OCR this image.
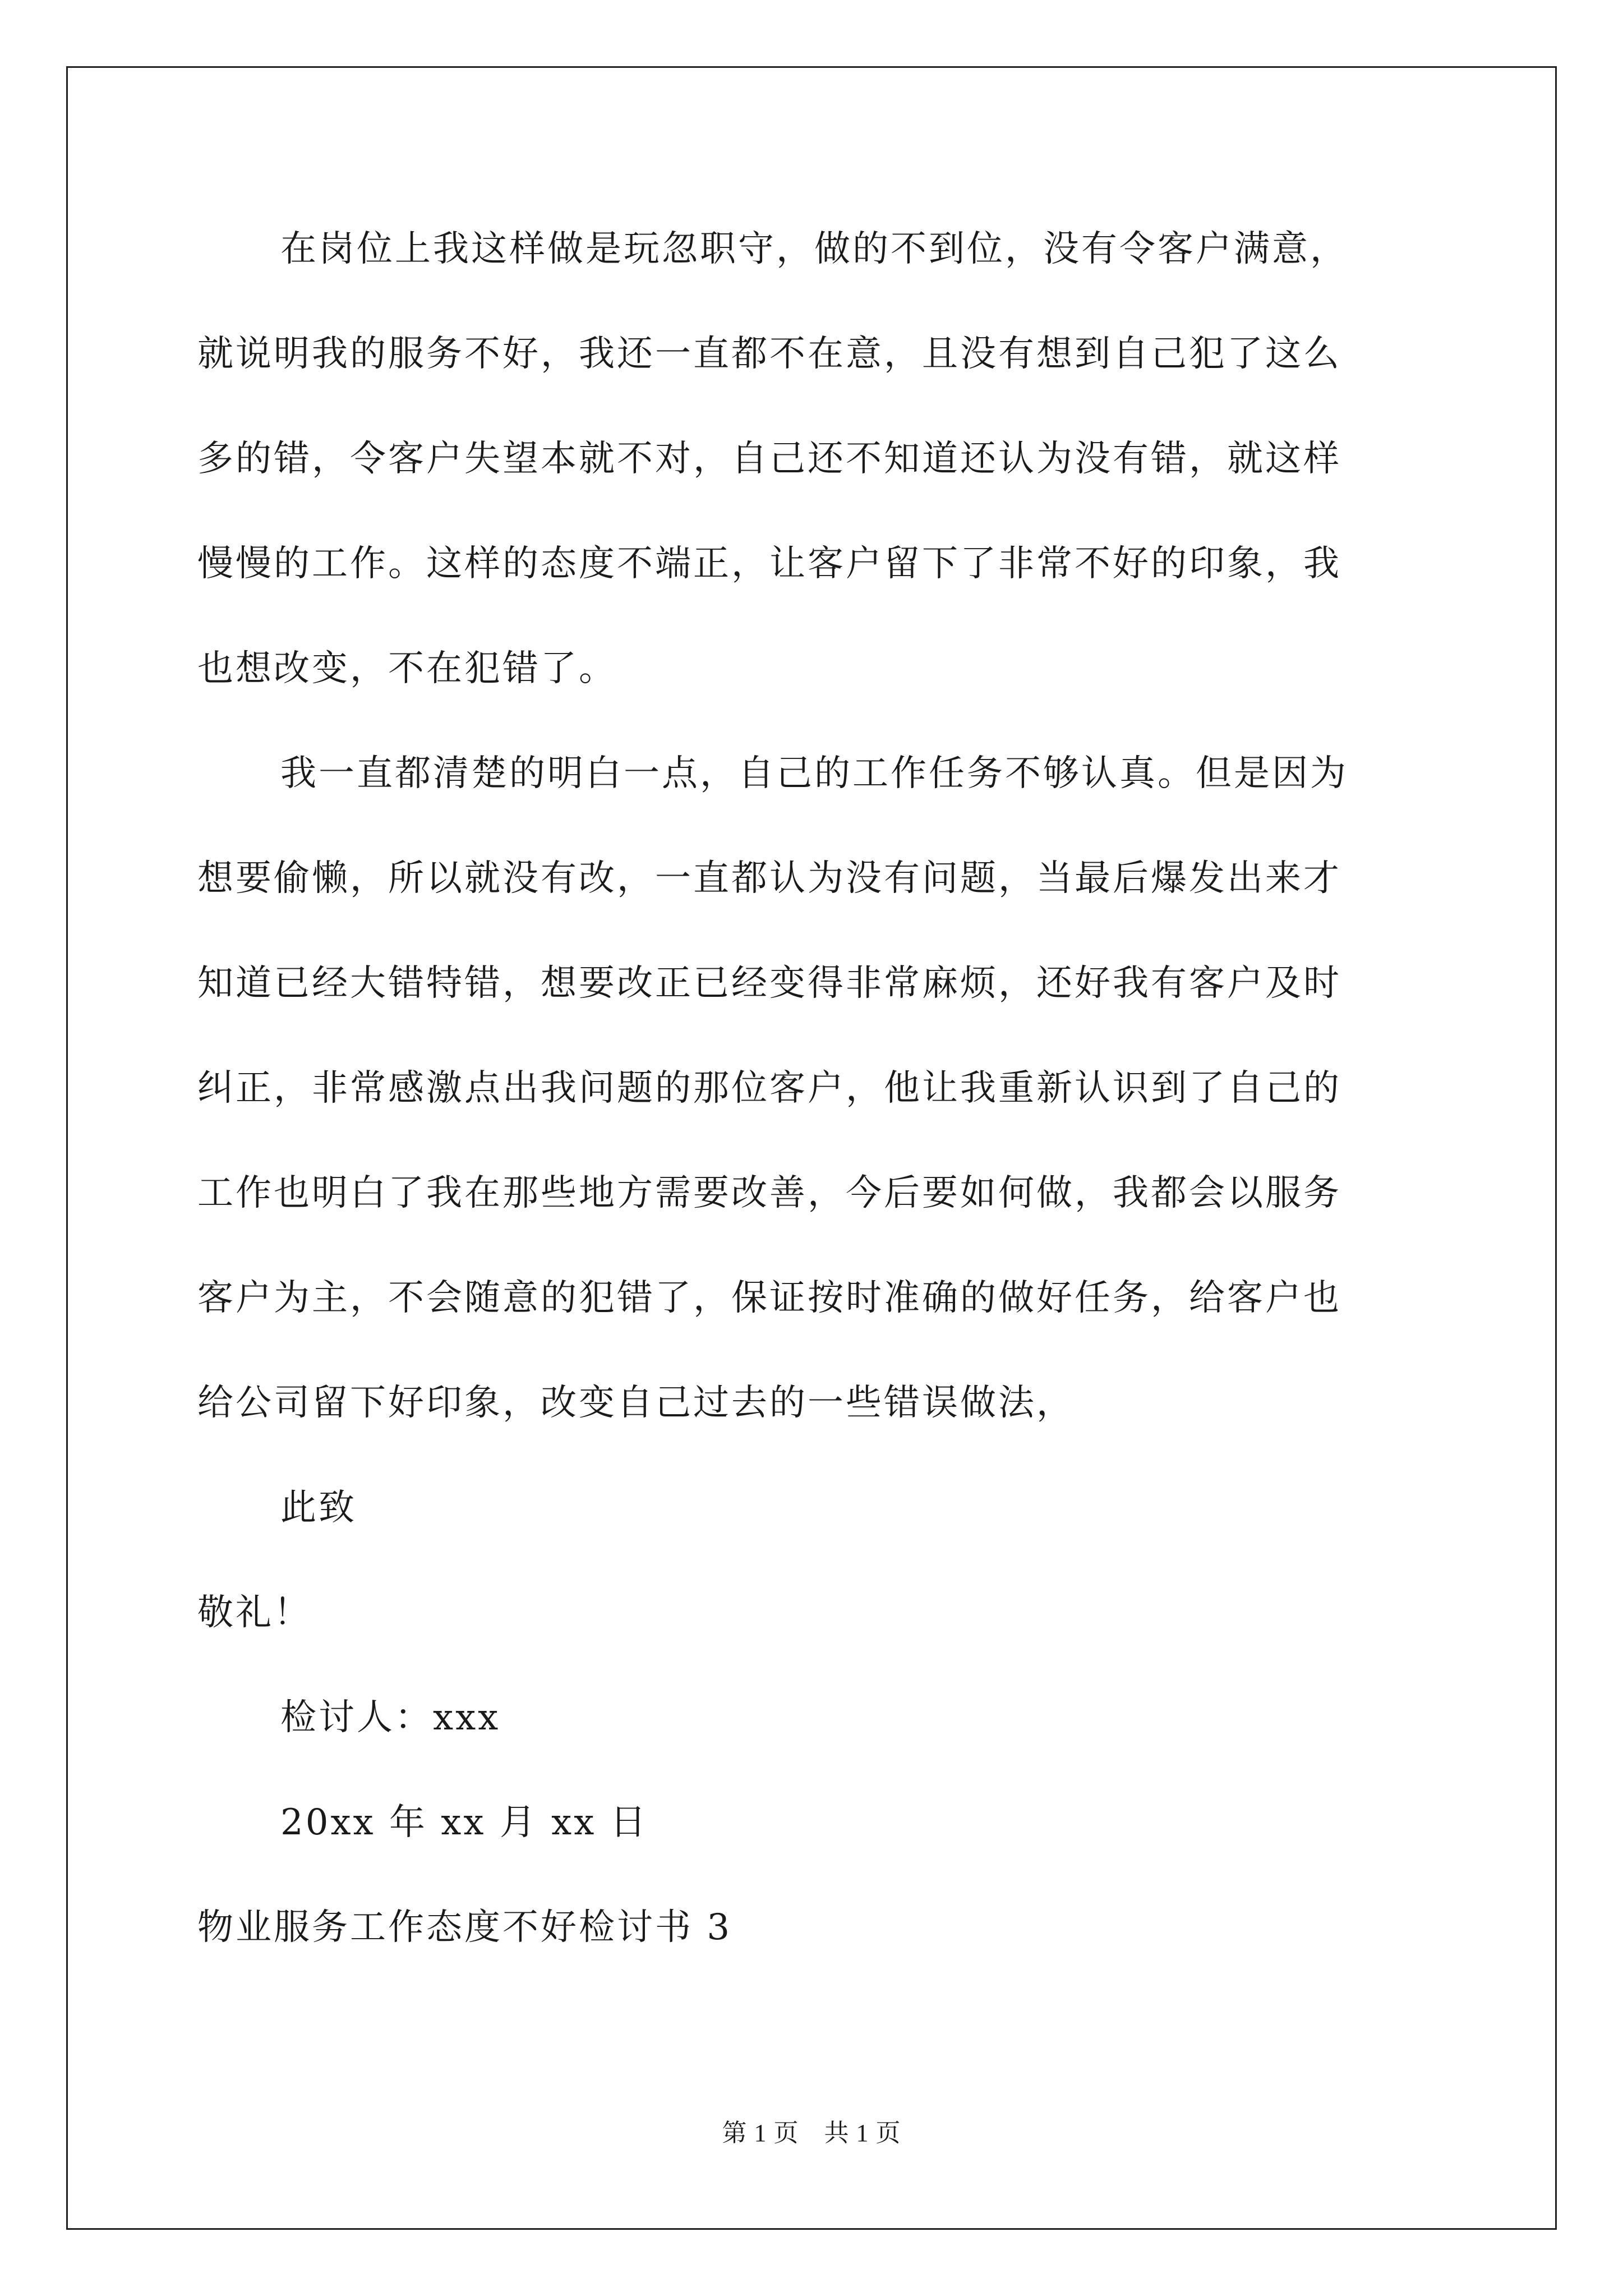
在岗位上我这样做是玩忽职守，做的不到位，没有令客户满意，
就说明我的服务不好，我还一直都不在意，且没有想到自己犯了这么
多的错，令客户失望本就不对，自己还不知道还认为没有错，就这样
慢慢的工作。这样的态度不端正，让客户留下了非常不好的印象，我
也想改变，不在犯错了。
我一直都清楚的明白一点，自己的工作任务不够认真。但是因为
想要偷懒，所以就没有改，一直都认为没有问题，当最后爆发出来才
知道已经大错特错，想要改正已经变得非常麻烦，还好我有客户及时
纠正，非常感激点出我问题的那位客户，他让我重新认识到了自己的
工作也明白了我在那些地方需要改善，今后要如何做，我都会以服务
客户为主，不会随意的犯错了，保证按时准确的做好任务，给客户也
给公司留下好印象，改变自己过去的一些错误做法，
此致
敬礼！
检讨人：xxx
20xx 年 xx 月 xx 日
物业服务工作态度不好检讨书 3
第 1 页　共 1 页
